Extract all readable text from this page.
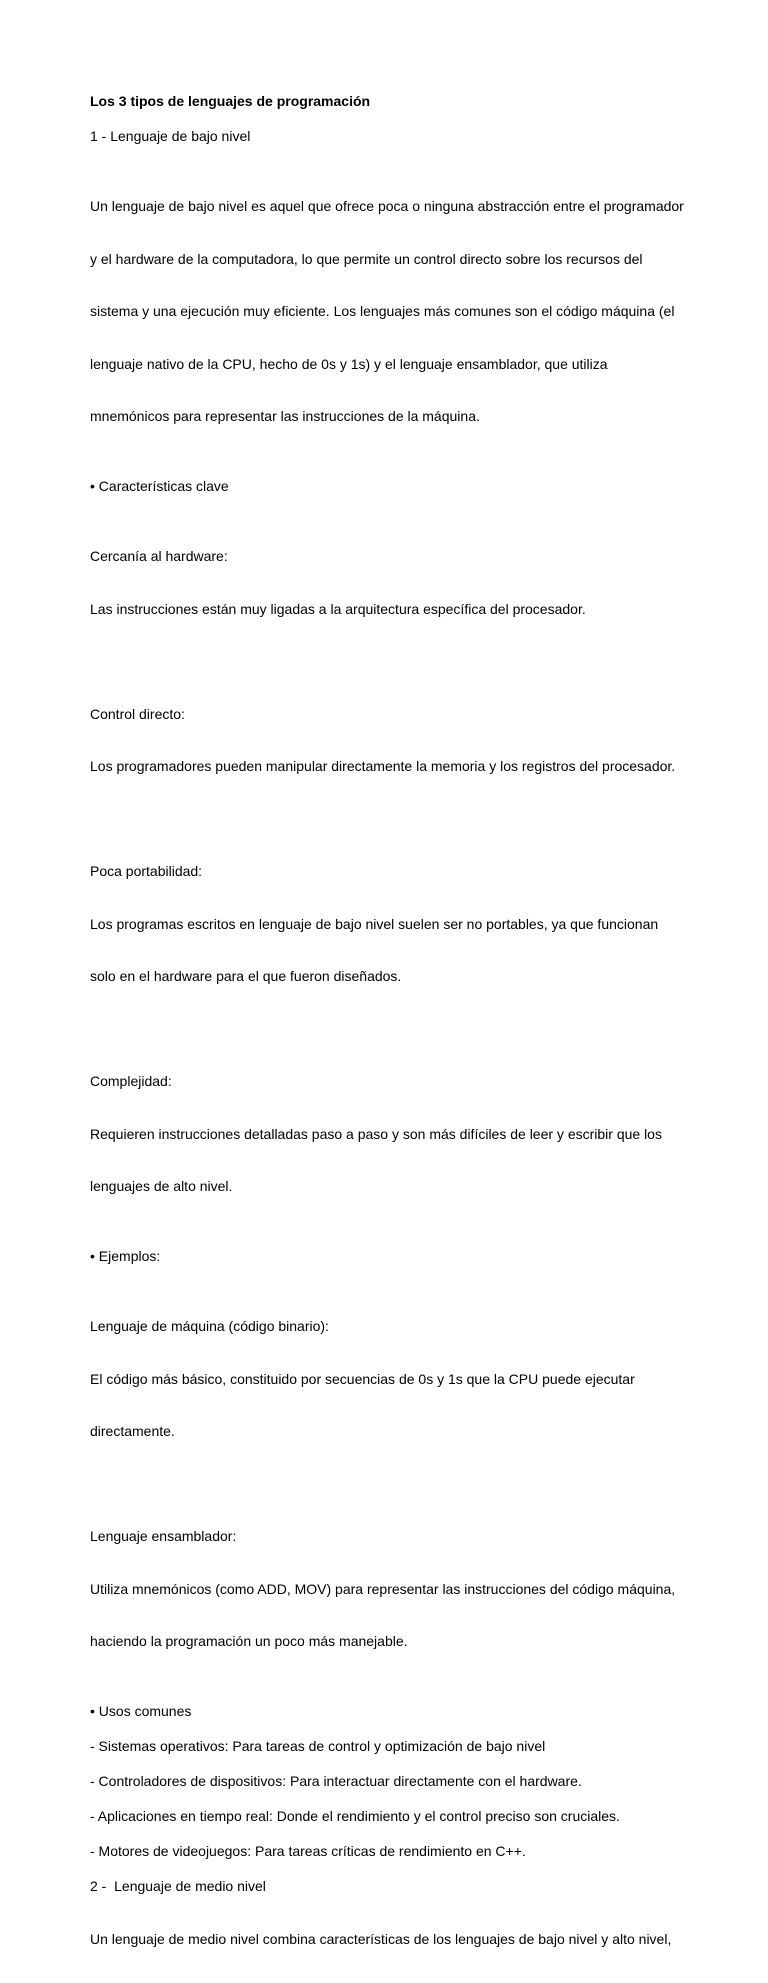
Los 3 tipos de lenguajes de programación

1 - Lenguaje de bajo nivel

Un lenguaje de bajo nivel es aquel que ofrece poca o ninguna abstracción entre el programador

y el hardware de la computadora, lo que permite un control directo sobre los recursos del

sistema y una ejecución muy eficiente. Los lenguajes más comunes son el código máquina (el

lenguaje nativo de la CPU, hecho de 0s y 1s) y el lenguaje ensamblador, que utiliza

mnemónicos para representar las instrucciones de la máquina.

• Características clave

Cercanía al hardware:

Las instrucciones están muy ligadas a la arquitectura específica del procesador.

Control directo:

Los programadores pueden manipular directamente la memoria y los registros del procesador.

Poca portabilidad:

Los programas escritos en lenguaje de bajo nivel suelen ser no portables, ya que funcionan

solo en el hardware para el que fueron diseñados.

Complejidad:

Requieren instrucciones detalladas paso a paso y son más difíciles de leer y escribir que los

lenguajes de alto nivel.

• Ejemplos:

Lenguaje de máquina (código binario):

El código más básico, constituido por secuencias de 0s y 1s que la CPU puede ejecutar

directamente.

Lenguaje ensamblador:

Utiliza mnemónicos (como ADD, MOV) para representar las instrucciones del código máquina,

haciendo la programación un poco más manejable.

• Usos comunes

- Sistemas operativos: Para tareas de control y optimización de bajo nivel

- Controladores de dispositivos: Para interactuar directamente con el hardware.

- Aplicaciones en tiempo real: Donde el rendimiento y el control preciso son cruciales.

- Motores de videojuegos: Para tareas críticas de rendimiento en C++.

2 -  Lenguaje de medio nivel

Un lenguaje de medio nivel combina características de los lenguajes de bajo nivel y alto nivel,
